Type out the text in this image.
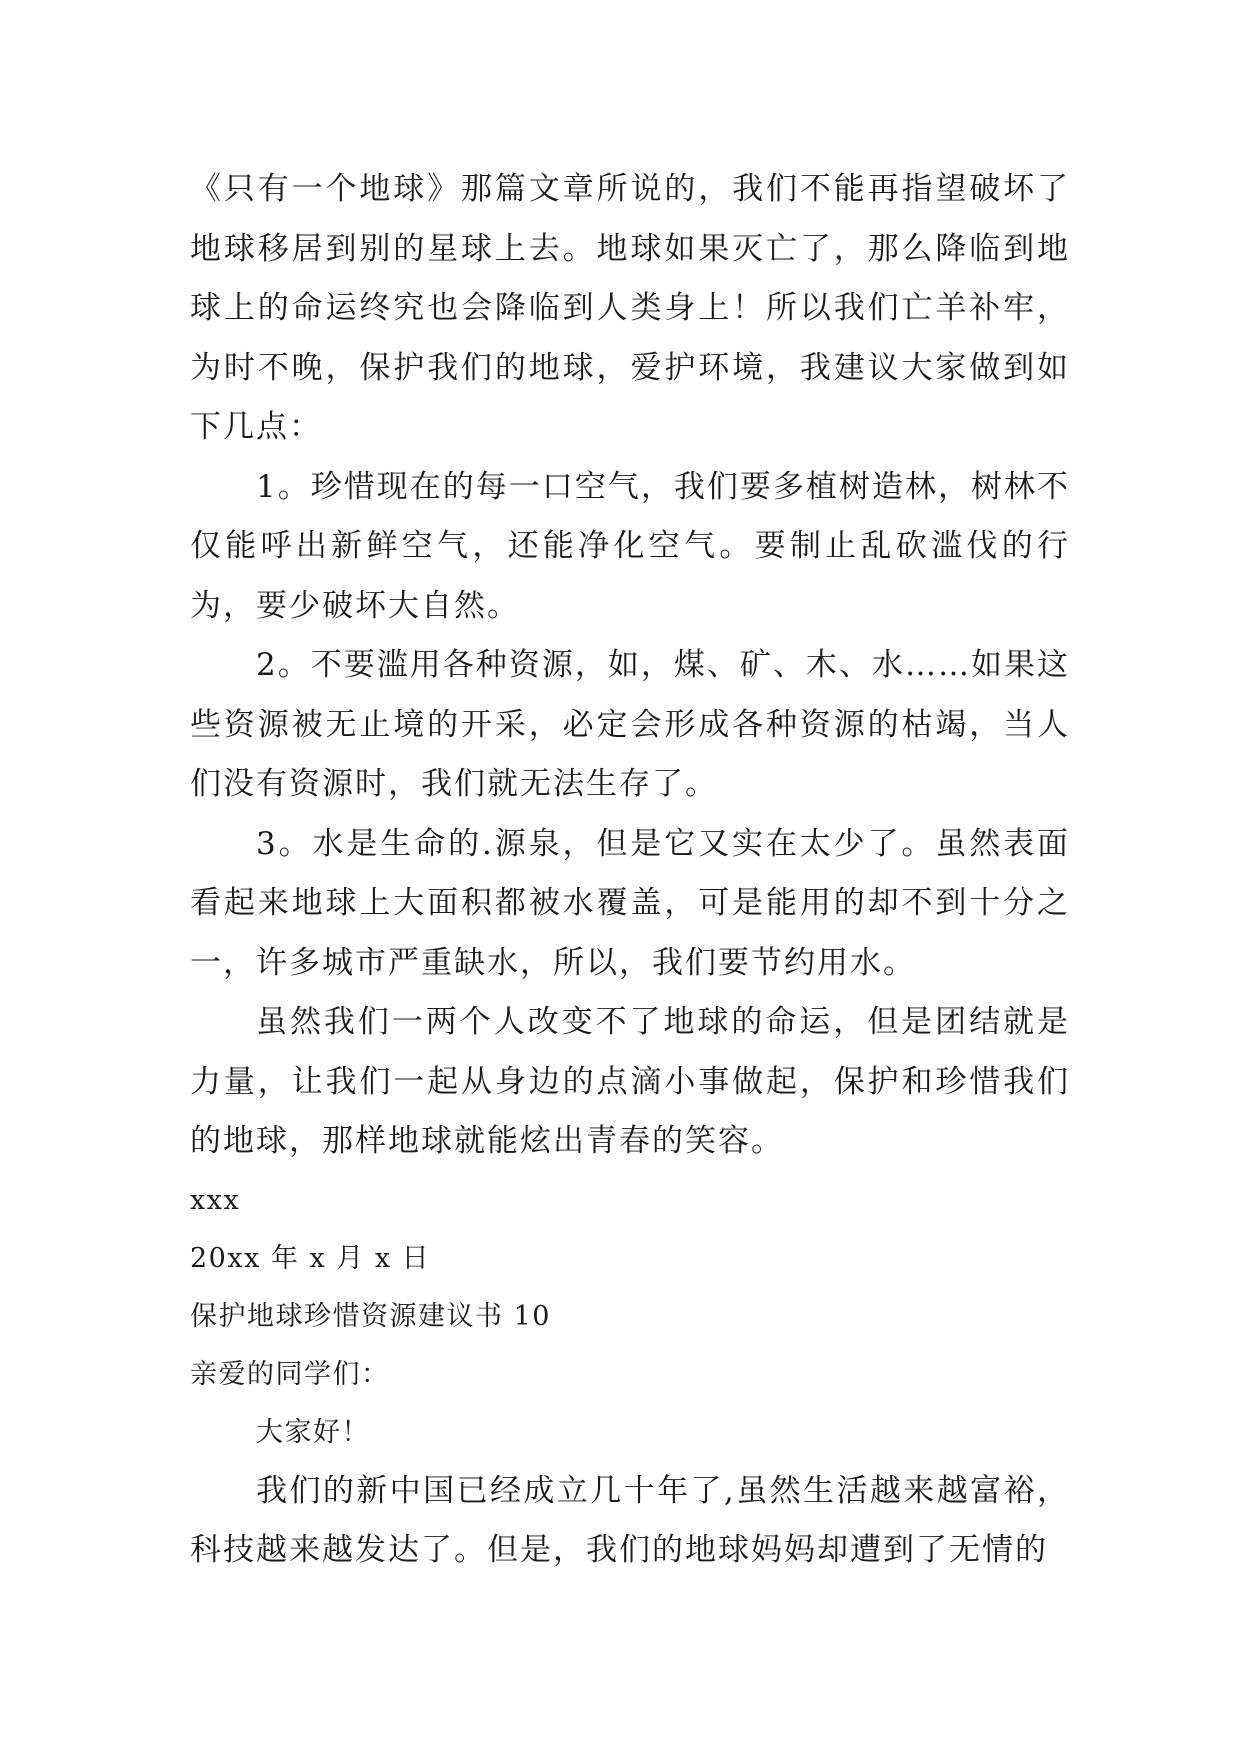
《只有一个地球》那篇文章所说的，我们不能再指望破坏了地球移居到别的星球上去。地球如果灭亡了，那么降临到地球上的命运终究也会降临到人类身上！所以我们亡羊补牢，为时不晚，保护我们的地球，爱护环境，我建议大家做到如下几点：

1。珍惜现在的每一口空气，我们要多植树造林，树林不仅能呼出新鲜空气，还能净化空气。要制止乱砍滥伐的行为，要少破坏大自然。

2。不要滥用各种资源，如，煤、矿、木、水……如果这些资源被无止境的开采，必定会形成各种资源的枯竭，当人们没有资源时，我们就无法生存了。

3。水是生命的.源泉，但是它又实在太少了。虽然表面看起来地球上大面积都被水覆盖，可是能用的却不到十分之一，许多城市严重缺水，所以，我们要节约用水。

虽然我们一两个人改变不了地球的命运，但是团结就是力量，让我们一起从身边的点滴小事做起，保护和珍惜我们的地球，那样地球就能炫出青春的笑容。

xxx

20xx 年 x 月 x 日

保护地球珍惜资源建议书 10

亲爱的同学们：

大家好！

我们的新中国已经成立几十年了,虽然生活越来越富裕，科技越来越发达了。但是，我们的地球妈妈却遭到了无情的
